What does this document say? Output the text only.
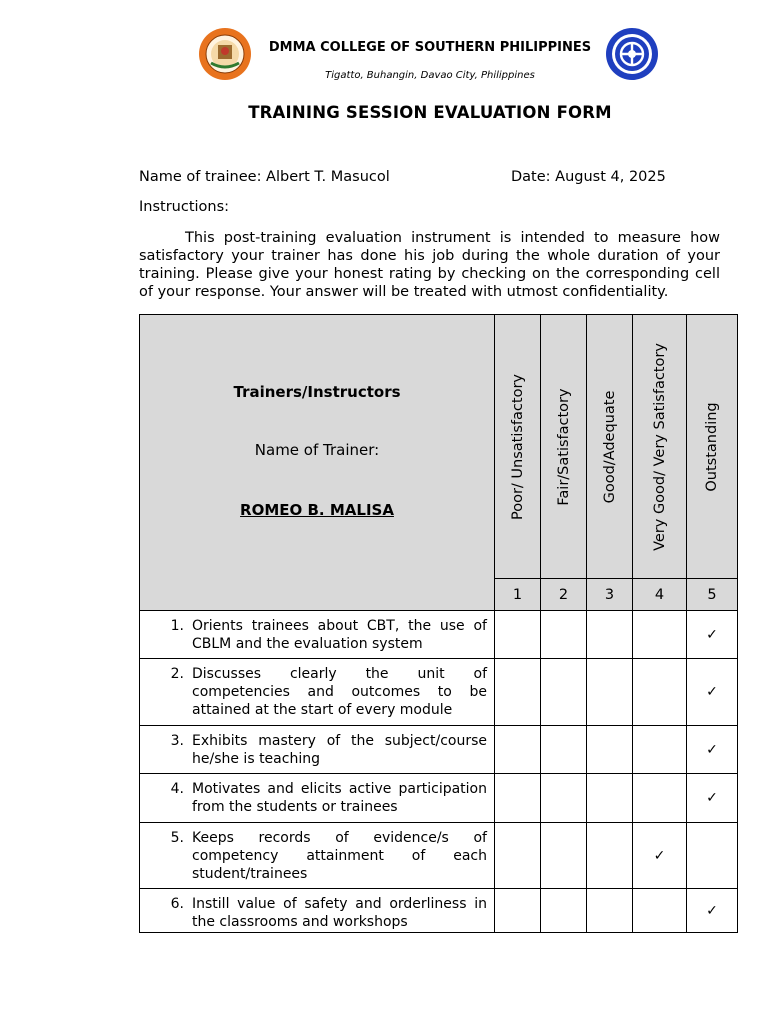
DMMA COLLEGE OF SOUTHERN PHILIPPINES
Tigatto, Buhangin, Davao City, Philippines
TRAINING SESSION EVALUATION FORM
Name of trainee: Albert T. Masucol	Date: August 4, 2025
Instructions:
This post-training evaluation instrument is intended to measure how satisfactory your trainer has done his job during the whole duration of your training. Please give your honest rating by checking on the corresponding cell of your response. Your answer will be treated with utmost confidentiality.
Trainers/Instructors
Name of Trainer:
ROMEO B. MALISA	Poor/ Unsatisfactory	Fair/Satisfactory	Good/Adequate	Very Good/ Very Satisfactory	Outstanding

	1	2	3	4	5

1. Orients trainees about CBT, the use of CBLM and the evaluation system					✓

2. Discusses clearly the unit of competencies and outcomes to be attained at the start of every module					✓

3. Exhibits mastery of the subject/course he/she is teaching					✓

4. Motivates and elicits active participation from the students or trainees					✓

5. Keeps records of evidence/s of competency attainment of each student/trainees				✓	

6. Instill value of safety and orderliness in the classrooms and workshops					✓
